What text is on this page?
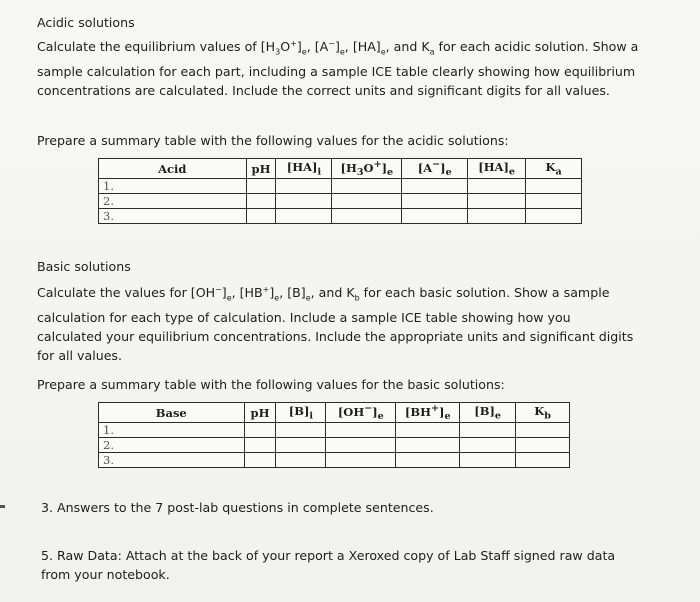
Acidic solutions
Calculate the equilibrium values of $[H_3O^+]_e$, $[A^-]_e$, $[HA]_e$, and $K_a$ for each acidic solution. Show a sample calculation for each part, including a sample ICE table clearly showing how equilibrium concentrations are calculated. Include the correct units and significant digits for all values.
Prepare a summary table with the following values for the acidic solutions:
Acid	pH	$[HA]_i$	$[H_3O^+]_e$	$[A^-]_e$	$[HA]_e$	$K_a$
1.						
2.						
3.						
Basic solutions
Calculate the values for $[OH^-]_e$, $[HB^+]_e$, $[B]_e$, and $K_b$ for each basic solution. Show a sample calculation for each type of calculation. Include a sample ICE table showing how you calculated your equilibrium concentrations. Include the appropriate units and significant digits for all values.
Prepare a summary table with the following values for the basic solutions:
Base	pH	$[B]_i$	$[OH^-]_e$	$[BH^+]_e$	$[B]_e$	$K_b$
1.						
2.						
3.						
3. Answers to the 7 post-lab questions in complete sentences.
5. Raw Data: Attach at the back of your report a Xeroxed copy of Lab Staff signed raw data from your notebook.
